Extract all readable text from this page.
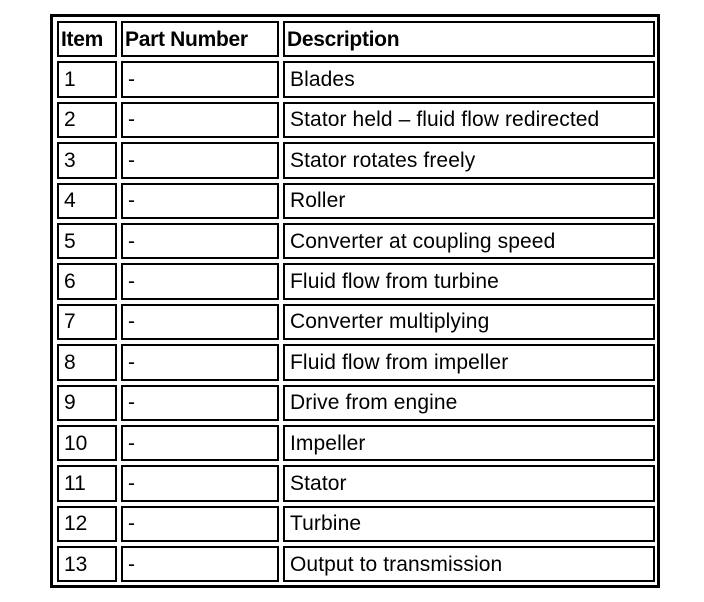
Item	Part Number	Description
1	-	Blades
2	-	Stator held – fluid flow redirected
3	-	Stator rotates freely
4	-	Roller
5	-	Converter at coupling speed
6	-	Fluid flow from turbine
7	-	Converter multiplying
8	-	Fluid flow from impeller
9	-	Drive from engine
10	-	Impeller
11	-	Stator
12	-	Turbine
13	-	Output to transmission
